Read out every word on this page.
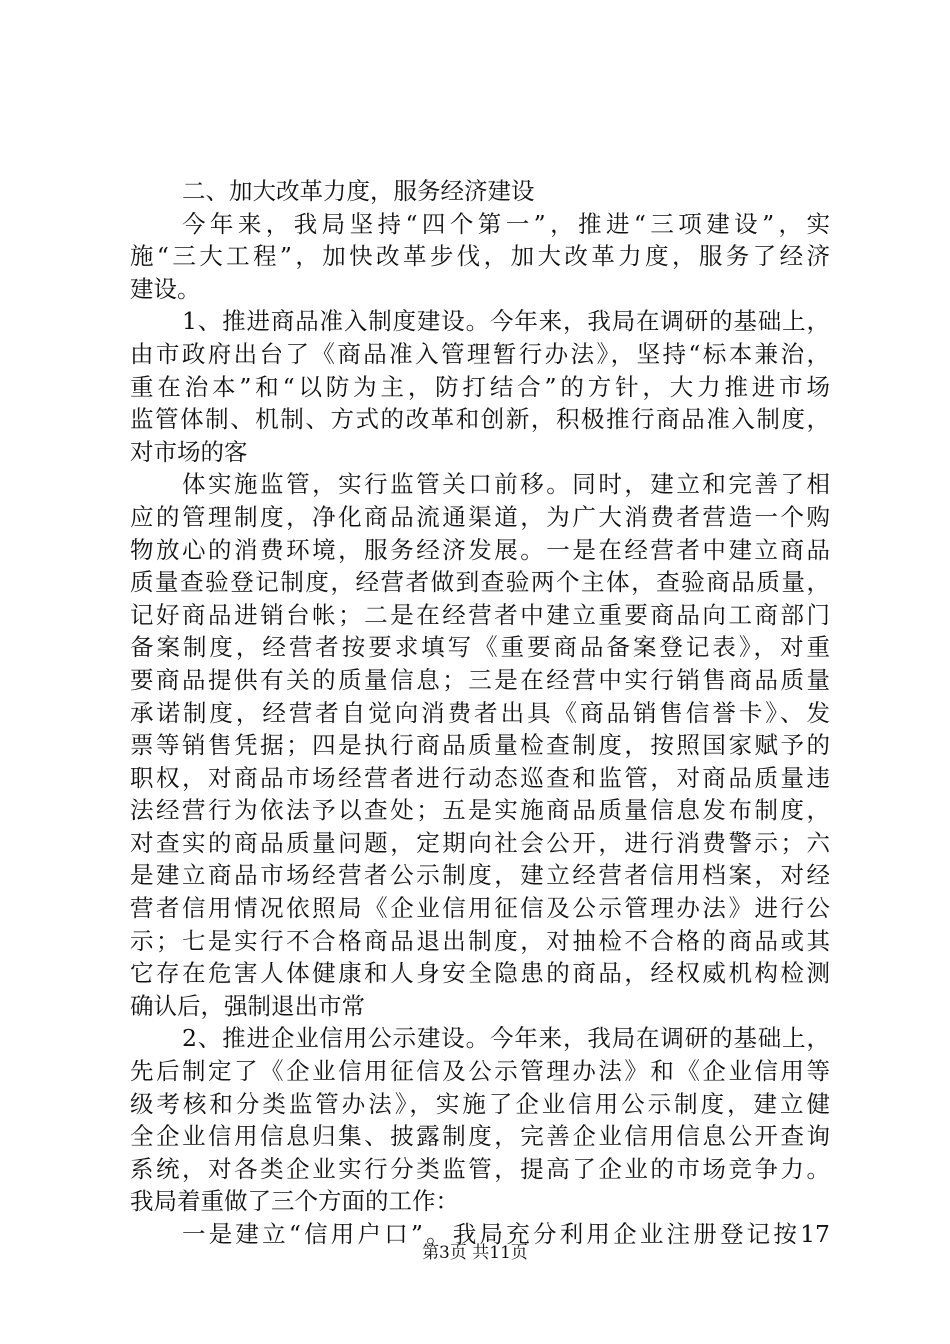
二、加大改革力度，服务经济建设
今年来，我局坚持“四个第一”，推进“三项建设”，实
施“三大工程”，加快改革步伐，加大改革力度，服务了经济
建设。
1、推进商品准入制度建设。今年来，我局在调研的基础上，
由市政府出台了《商品准入管理暂行办法》，坚持“标本兼治，
重在治本”和“以防为主，防打结合”的方针，大力推进市场
监管体制、机制、方式的改革和创新，积极推行商品准入制度，
对市场的客
体实施监管，实行监管关口前移。同时，建立和完善了相
应的管理制度，净化商品流通渠道，为广大消费者营造一个购
物放心的消费环境，服务经济发展。一是在经营者中建立商品
质量查验登记制度，经营者做到查验两个主体，查验商品质量，
记好商品进销台帐；二是在经营者中建立重要商品向工商部门
备案制度，经营者按要求填写《重要商品备案登记表》，对重
要商品提供有关的质量信息；三是在经营中实行销售商品质量
承诺制度，经营者自觉向消费者出具《商品销售信誉卡》、发
票等销售凭据；四是执行商品质量检查制度，按照国家赋予的
职权，对商品市场经营者进行动态巡查和监管，对商品质量违
法经营行为依法予以查处；五是实施商品质量信息发布制度，
对查实的商品质量问题，定期向社会公开，进行消费警示；六
是建立商品市场经营者公示制度，建立经营者信用档案，对经
营者信用情况依照局《企业信用征信及公示管理办法》进行公
示；七是实行不合格商品退出制度，对抽检不合格的商品或其
它存在危害人体健康和人身安全隐患的商品，经权威机构检测
确认后，强制退出市常
2、推进企业信用公示建设。今年来，我局在调研的基础上，
先后制定了《企业信用征信及公示管理办法》和《企业信用等
级考核和分类监管办法》，实施了企业信用公示制度，建立健
全企业信用信息归集、披露制度，完善企业信用信息公开查询
系统，对各类企业实行分类监管，提高了企业的市场竞争力。
我局着重做了三个方面的工作：
一是建立“信用户口”。我局充分利用企业注册登记按17
第3页 共11页
